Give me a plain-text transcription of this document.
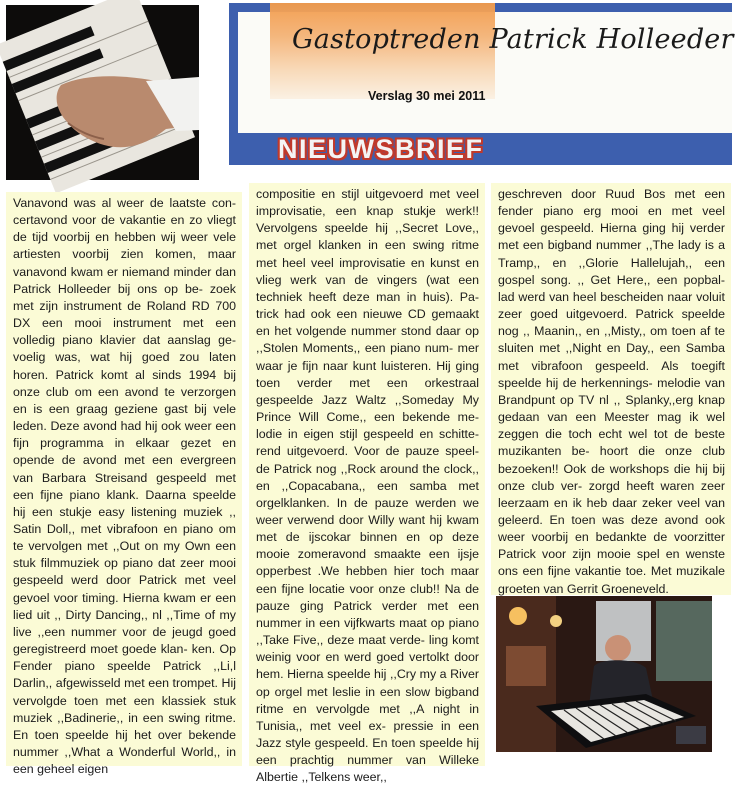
Gastoptreden Patrick Holleeder
Verslag 30 mei 2011
NIEUWSBRIEF
Vanavond was al weer de laatste con- certavond voor de vakantie en zo vliegt de tijd voorbij en hebben wij weer vele artiesten voorbij zien komen, maar vanavond kwam er niemand minder dan Patrick Holleeder bij ons op be- zoek met zijn instrument de Roland RD 700 DX een mooi instrument met een volledig piano klavier dat aanslag ge- voelig was, wat hij goed zou laten horen. Patrick komt al sinds 1994 bij onze club om een avond te verzorgen en is een graag geziene gast bij vele leden. Deze avond had hij ook weer een fijn programma in elkaar gezet en opende de avond met een evergreen van Barbara Streisand gespeeld met een fijne piano klank. Daarna speelde hij een stukje easy listening muziek ,, Satin Doll,, met vibrafoon en piano om te vervolgen met ,,Out on my Own een stuk filmmuziek op piano dat zeer mooi gespeeld werd door Patrick met veel gevoel voor timing. Hierna kwam er een lied uit ,, Dirty Dancing,, nl ,,Time of my live ,,een nummer voor de jeugd goed geregistreerd moet goede klan- ken. Op Fender piano speelde Patrick ,,Li,l Darlin,, afgewisseld met een trompet. Hij vervolgde toen met een klassiek stuk muziek ,,Badinerie,, in een swing ritme. En toen speelde hij het over bekende nummer ,,What a Wonderful World,, in een geheel eigen
compositie en stijl uitgevoerd met veel improvisatie, een knap stukje werk!! Vervolgens speelde hij ,,Secret Love,, met orgel klanken in een swing ritme met heel veel improvisatie en kunst en vlieg werk van de vingers (wat een techniek heeft deze man in huis). Pa- trick had ook een nieuwe CD gemaakt en het volgende nummer stond daar op ,,Stolen Moments,, een piano num- mer waar je fijn naar kunt luisteren. Hij ging toen verder met een orkestraal gespeelde Jazz Waltz ,,Someday My Prince Will Come,, een bekende me- lodie in eigen stijl gespeeld en schitte- rend uitgevoerd. Voor de pauze speel- de Patrick nog ,,Rock around the clock,, en ,,Copacabana,, een samba met orgelklanken. In de pauze werden we weer verwend door Willy want hij kwam met de ijscokar binnen en op deze mooie zomeravond smaakte een ijsje opperbest .We hebben hier toch maar een fijne locatie voor onze club!! Na de pauze ging Patrick verder met een nummer in een vijfkwarts maat op piano ,,Take Five,, deze maat verde- ling komt weinig voor en werd goed vertolkt door hem. Hierna speelde hij ,,Cry my a River op orgel met leslie in een slow bigband ritme en vervolgde met ,,A night in Tunisia,, met veel ex- pressie in een Jazz style gespeeld. En toen speelde hij een prachtig nummer van Willeke Albertie ,,Telkens weer,,
geschreven door Ruud Bos met een fender piano erg mooi en met veel gevoel gespeeld. Hierna ging hij verder met een bigband nummer ,,The lady is a Tramp,, en ,,Glorie Hallelujah,, een gospel song. ,, Get Here,, een popbal- lad werd van heel bescheiden naar voluit zeer goed uitgevoerd. Patrick speelde nog ,, Maanin,, en ,,Misty,, om toen af te sluiten met ,,Night en Day,, een Samba met vibrafoon gespeeld. Als toegift speelde hij de herkennings- melodie van Brandpunt op TV nl ,, Splanky,,erg knap gedaan van een Meester mag ik wel zeggen die toch echt wel tot de beste muzikanten be- hoort die onze club bezoeken!! Ook de workshops die hij bij onze club ver- zorgd heeft waren zeer leerzaam en ik heb daar zeker veel van geleerd. En toen was deze avond ook weer voorbij en bedankte de voorzitter Patrick voor zijn mooie spel en wenste ons een fijne vakantie toe. Met muzikale groeten van Gerrit Groeneveld.
